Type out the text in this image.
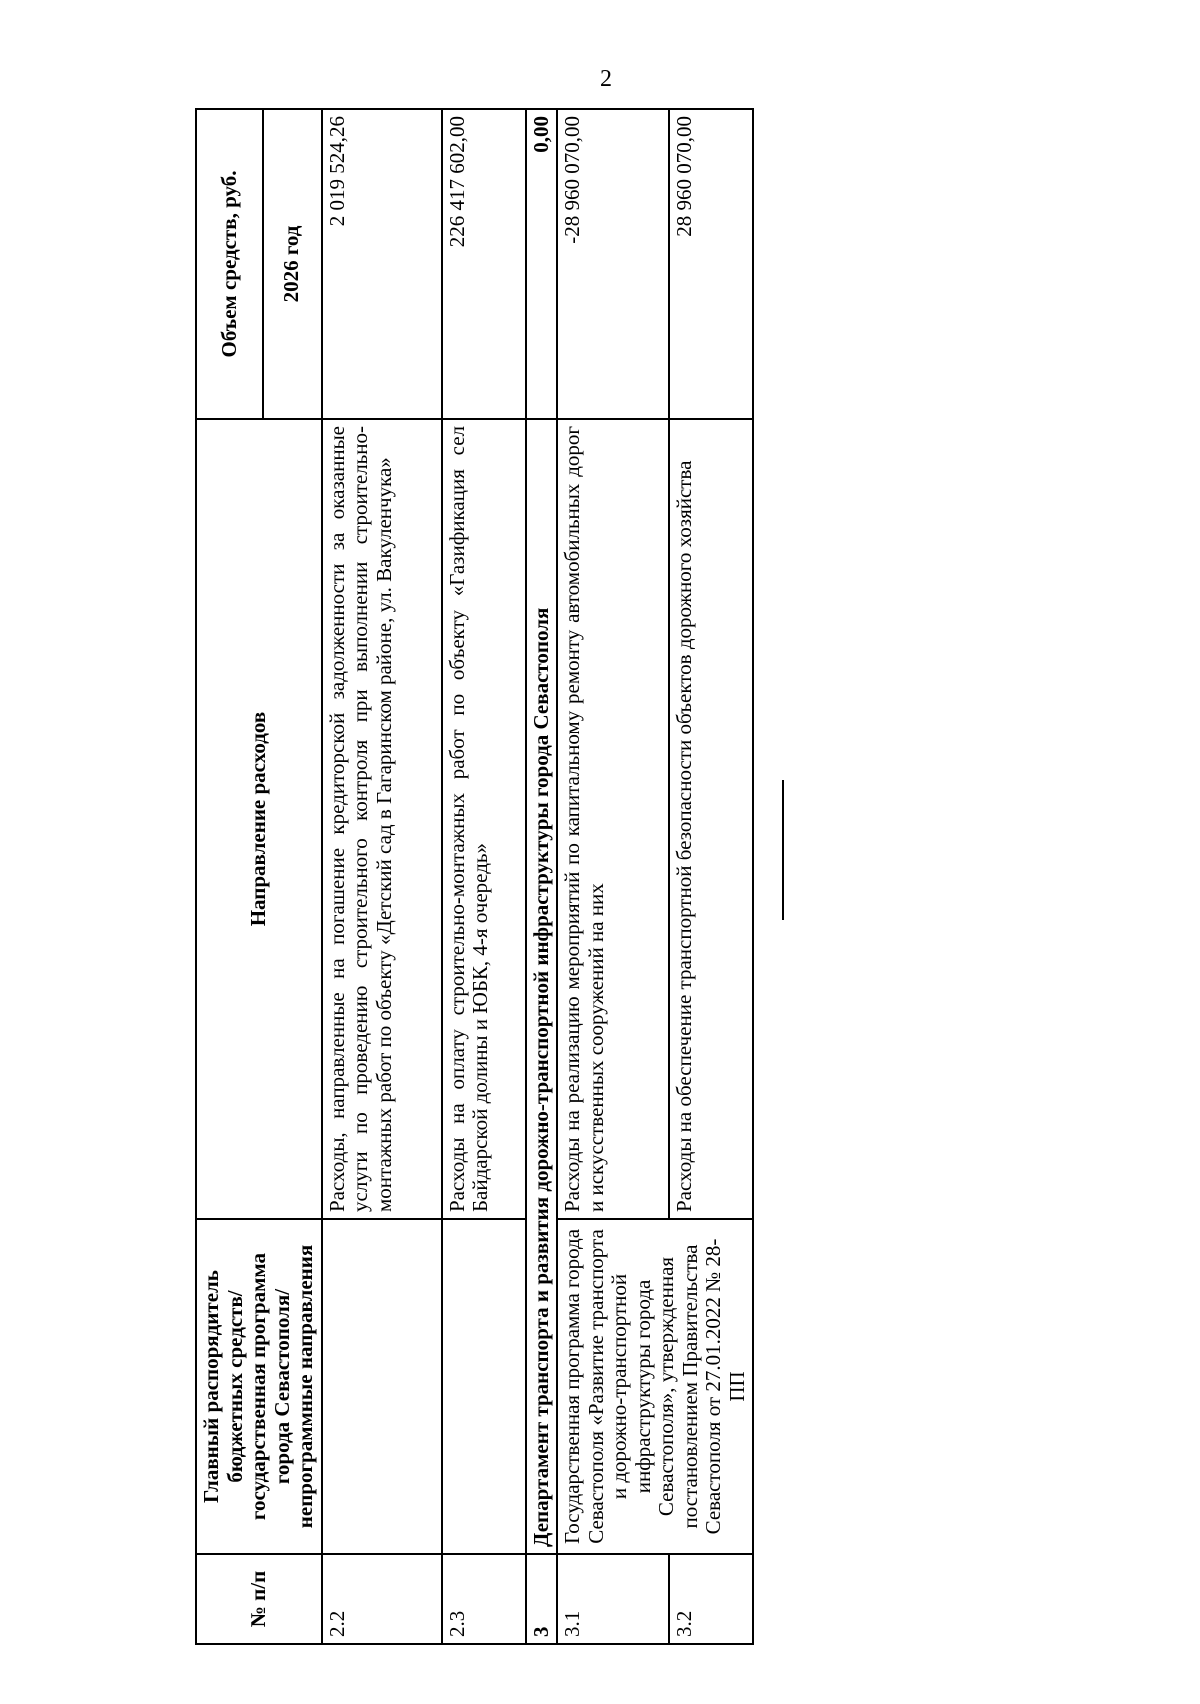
2
№ п/п	Главный распорядитель бюджетных средств/государственная программа города Севастополя/непрограммные направления	Направление расходов	Объем средств, руб.
			2026 год
2.2		Расходы, направленные на погашение кредиторской задолженности за оказанные услуги по проведению строительного контроля при выполнении строительно-монтажных работ по объекту «Детский сад в Гагаринском районе, ул. Вакуленчука»	2 019 524,26
2.3		Расходы на оплату строительно-монтажных работ по объекту «Газификация сел Байдарской долины и ЮБК, 4-я очередь»	226 417 602,00
3	Департамент транспорта и развития дорожно-транспортной инфраструктуры города Севастополя		0,00
3.1	Государственная программа города Севастополя «Развитие транспорта и дорожно-транспортной инфраструктуры города Севастополя», утвержденная постановлением Правительства Севастополя от 27.01.2022 № 28-ПП	Расходы на реализацию мероприятий по капитальному ремонту автомобильных дорог и искусственных сооружений на них	-28 960 070,00
3.2		Расходы на обеспечение транспортной безопасности объектов дорожного хозяйства	28 960 070,00
